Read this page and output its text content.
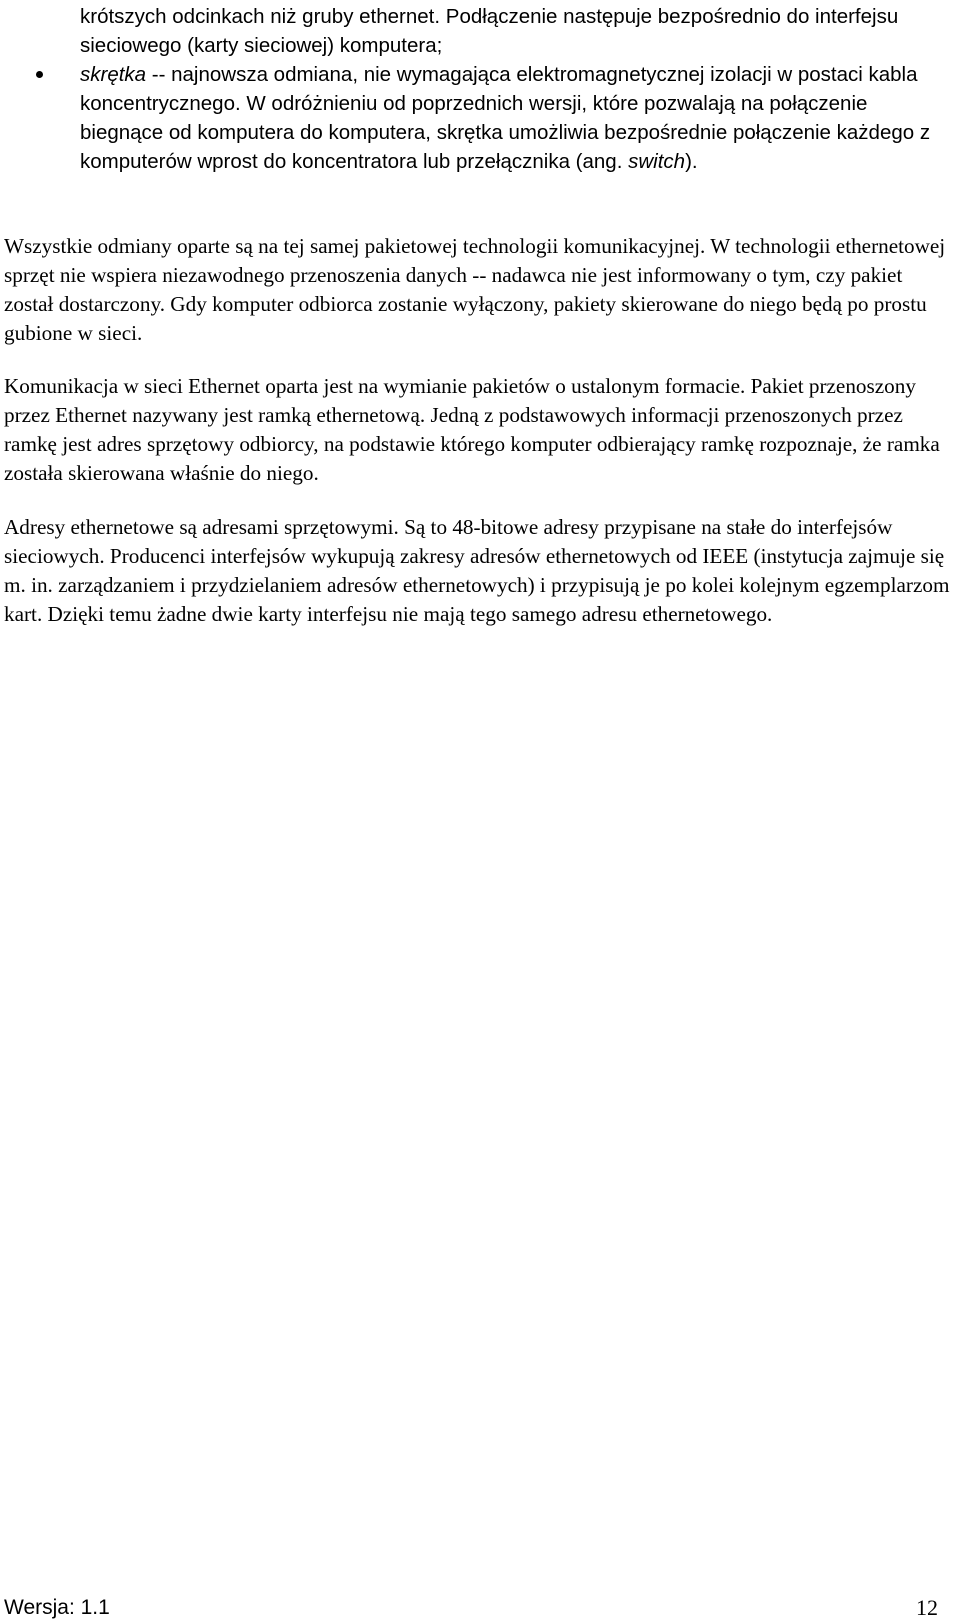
krótszych odcinkach niż gruby ethernet. Podłączenie następuje bezpośrednio do interfejsu sieciowego (karty sieciowej) komputera;

skrętka -- najnowsza odmiana, nie wymagająca elektromagnetycznej izolacji w postaci kabla koncentrycznego. W odróżnieniu od poprzednich wersji, które pozwalają na połączenie biegnące od komputera do komputera, skrętka umożliwia bezpośrednie połączenie każdego z komputerów wprost do koncentratora lub przełącznika (ang. switch).

Wszystkie odmiany oparte są na tej samej pakietowej technologii komunikacyjnej. W technologii ethernetowej sprzęt nie wspiera niezawodnego przenoszenia danych -- nadawca nie jest informowany o tym, czy pakiet został dostarczony. Gdy komputer odbiorca zostanie wyłączony, pakiety skierowane do niego będą po prostu gubione w sieci.

Komunikacja w sieci Ethernet oparta jest na wymianie pakietów o ustalonym formacie. Pakiet przenoszony przez Ethernet nazywany jest ramką ethernetową. Jedną z podstawowych informacji przenoszonych przez ramkę jest adres sprzętowy odbiorcy, na podstawie którego komputer odbierający ramkę rozpoznaje, że ramka została skierowana właśnie do niego.

Adresy ethernetowe są adresami sprzętowymi. Są to 48-bitowe adresy przypisane na stałe do interfejsów sieciowych. Producenci interfejsów wykupują zakresy adresów ethernetowych od IEEE (instytucja zajmuje się m. in. zarządzaniem i przydzielaniem adresów ethernetowych) i przypisują je po kolei kolejnym egzemplarzom kart. Dzięki temu żadne dwie karty interfejsu nie mają tego samego adresu ethernetowego.

Wersja: 1.1	12
